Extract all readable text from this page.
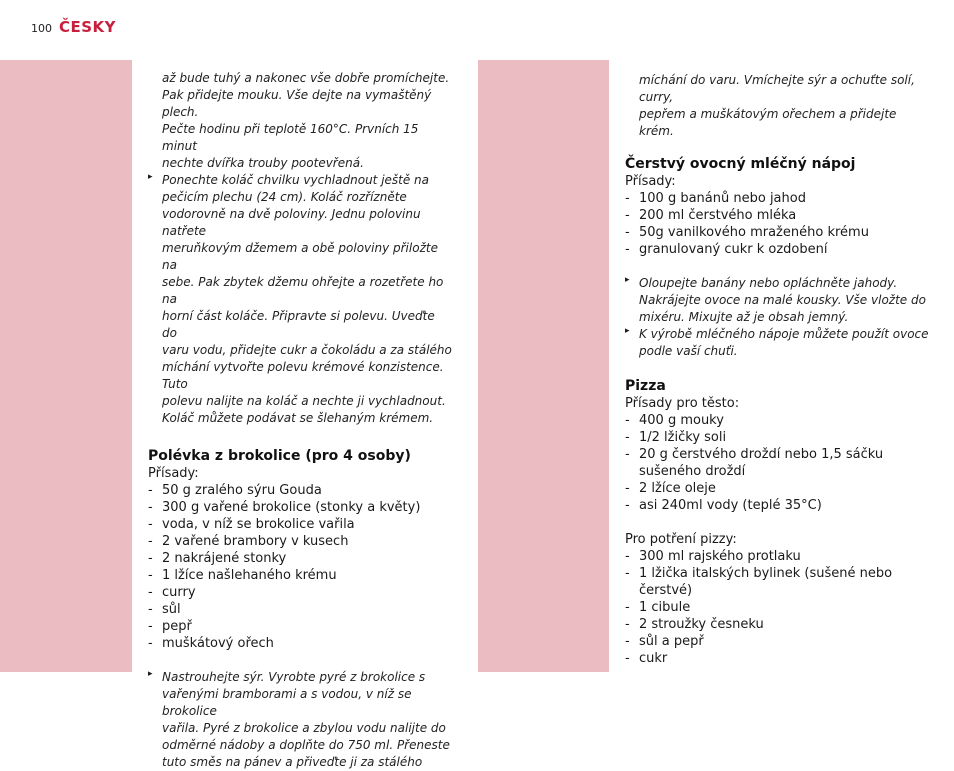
100 ČESKY

až bude tuhý a nakonec vše dobře promíchejte.

Pak přidejte mouku. Vše dejte na vymaštěný plech.

Pečte hodinu při teplotě 160°C. Prvních 15 minut

nechte dvířka trouby pootevřená.

▸ Ponechte koláč chvilku vychladnout ještě na

pečicím plechu (24 cm). Koláč rozřízněte

vodorovně na dvě poloviny. Jednu polovinu natřete

meruňkovým džemem a obě poloviny přiložte na

sebe. Pak zbytek džemu ohřejte a rozetřete ho na

horní část koláče. Připravte si polevu. Uveďte do

varu vodu, přidejte cukr a čokoládu a za stálého

míchání vytvořte polevu krémové konzistence. Tuto

polevu nalijte na koláč a nechte ji vychladnout.

Koláč můžete podávat se šlehaným krémem.

Polévka z brokolice (pro 4 osoby)

Přísady:

- 50 g zralého sýru Gouda
- 300 g vařené brokolice (stonky a květy)
- voda, v níž se brokolice vařila
- 2 vařené brambory v kusech
- 2 nakrájené stonky
- 1 lžíce našlehaného krému
- curry
- sůl
- pepř
- muškátový ořech
▸ Nastrouhejte sýr. Vyrobte pyré z brokolice s

vařenými bramborami a s vodou, v níž se brokolice

vařila. Pyré z brokolice a zbylou vodu nalijte do

odměrné nádoby a doplňte do 750 ml. Přeneste

tuto směs na pánev a přiveďte ji za stálého

míchání do varu. Vmíchejte sýr a ochuťte solí, curry,

pepřem a muškátovým ořechem a přidejte krém.

Čerstvý ovocný mléčný nápoj

Přísady:

- 100 g banánů nebo jahod
- 200 ml čerstvého mléka
- 50g vanilkového mraženého krému
- granulovaný cukr k ozdobení
▸ Oloupejte banány nebo opláchněte jahody.

Nakrájejte ovoce na malé kousky. Vše vložte do

mixéru. Mixujte až je obsah jemný.

▸ K výrobě mléčného nápoje můžete použít ovoce

podle vaší chuťi.

Pizza

Přísady pro těsto:

- 400 g mouky
- 1/2 lžičky soli
- 20 g čerstvého droždí nebo 1,5 sáčku sušeného droždí
- 2 lžíce oleje
- asi 240ml vody (teplé 35°C)

Pro potření pizzy:

- 300 ml rajského protlaku
- 1 lžička italských bylinek (sušené nebo čerstvé)
- 1 cibule
- 2 stroužky česneku
- sůl a pepř
- cukr
